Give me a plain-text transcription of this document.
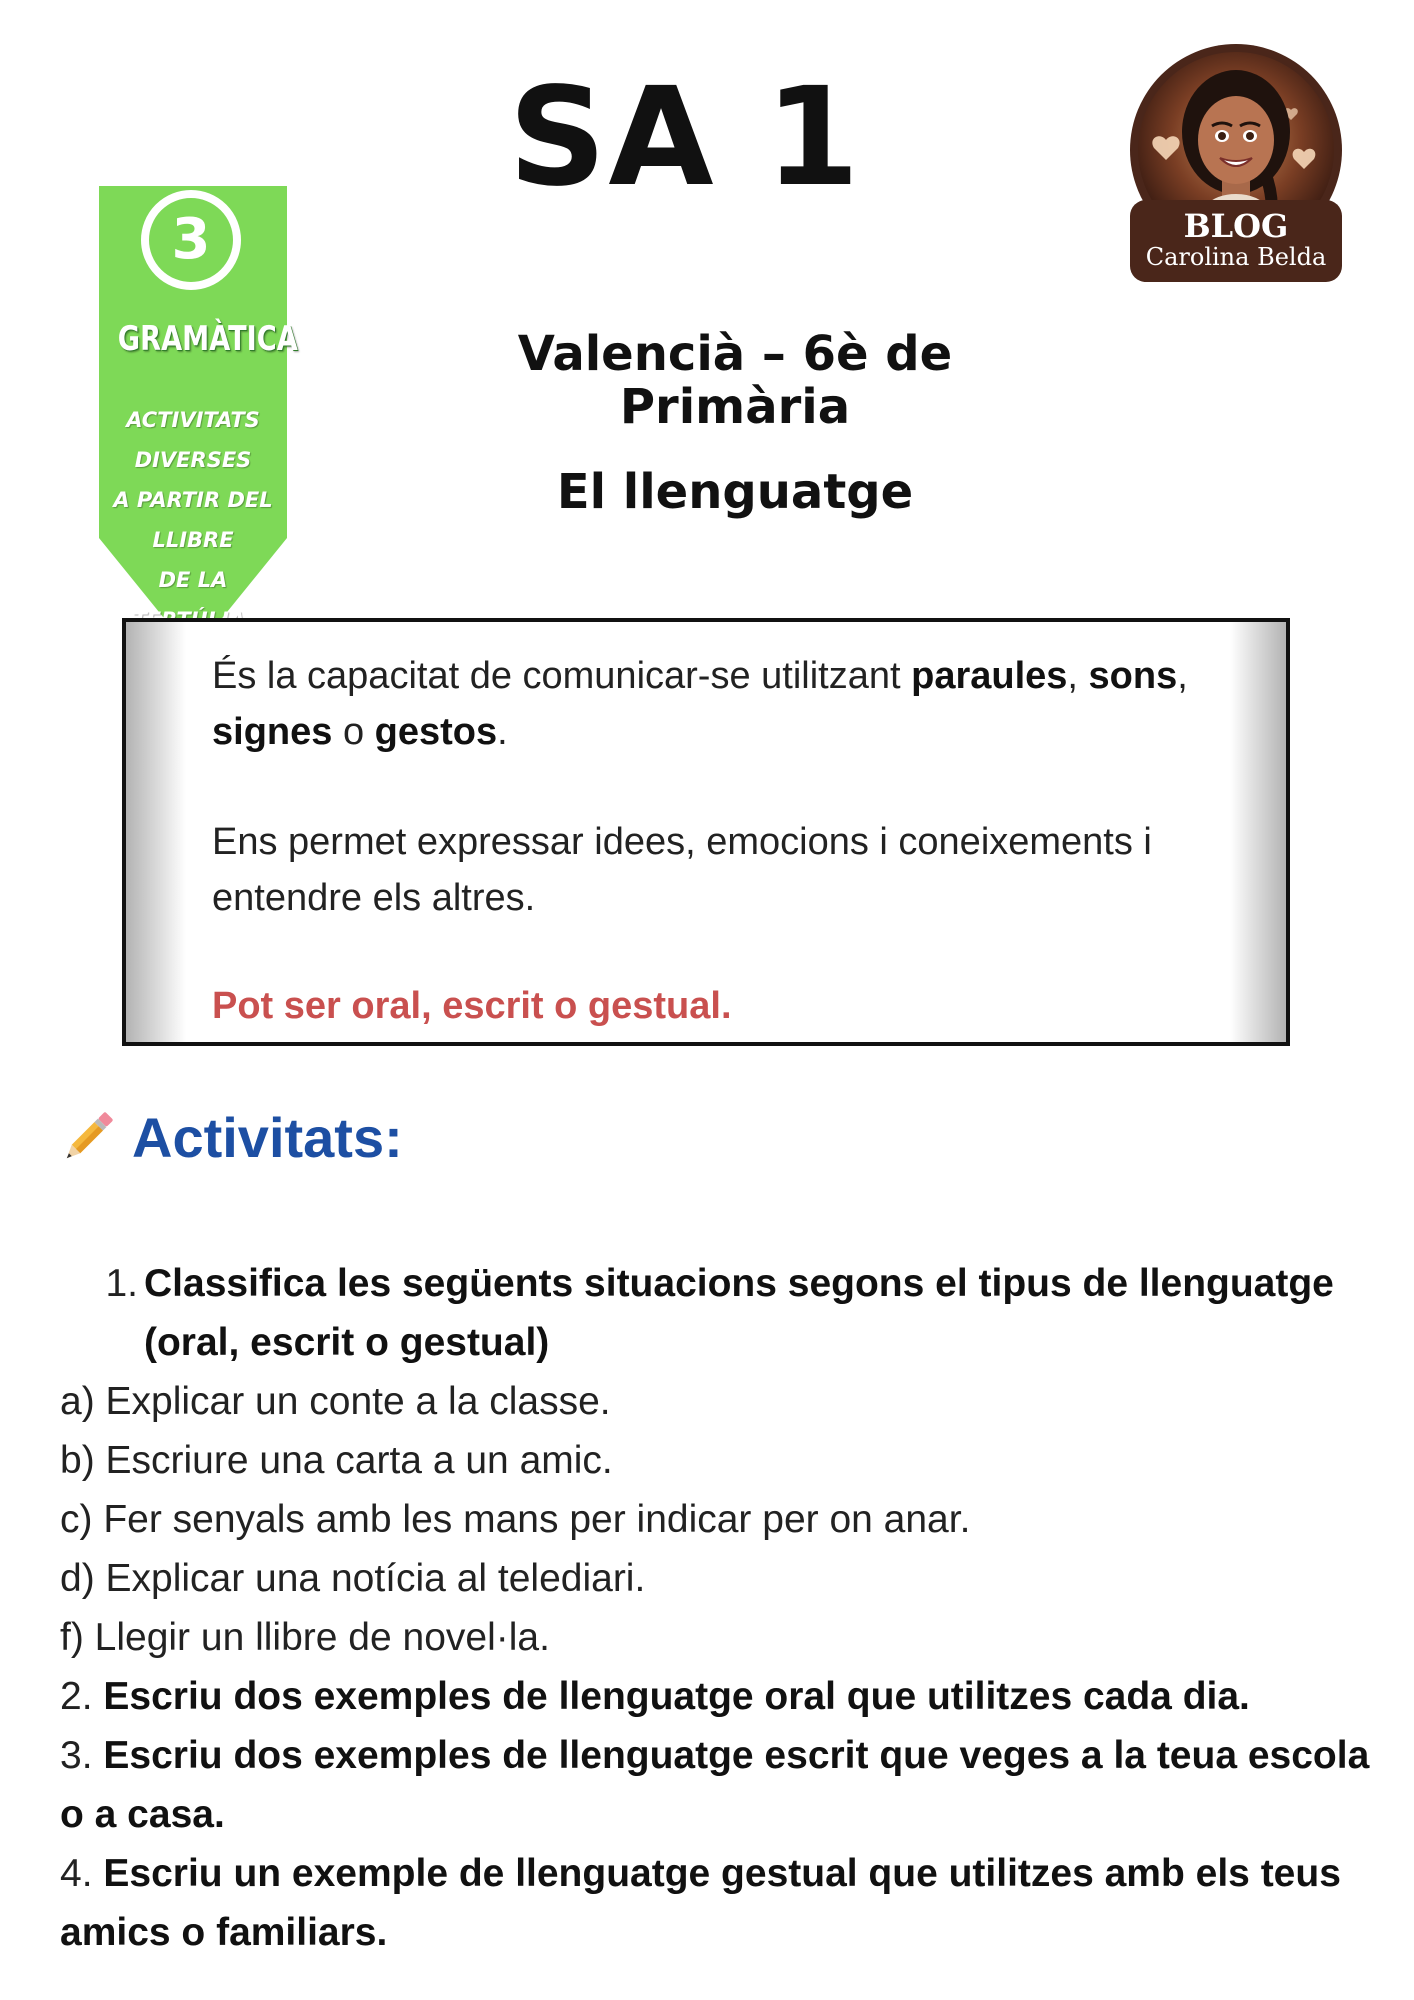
SA 1
Valencià – 6è de Primària
El llenguatge
3
GRAMÀTICA
ACTIVITATS DIVERSES
A PARTIR DEL LLIBRE
DE LA
BLOG
Carolina Belda

És la capacitat de comunicar-se utilitzant paraules, sons, signes o gestos.

Ens permet expressar idees, emocions i coneixements i entendre els altres.

Pot ser oral, escrit o gestual.

Activitats:
1. Classifica les següents situacions segons el tipus de llenguatge (oral, escrit o gestual)
a) Explicar un conte a la classe.
b) Escriure una carta a un amic.
c) Fer senyals amb les mans per indicar per on anar.
d) Explicar una notícia al telediari.
f) Llegir un llibre de novel·la.
2. Escriu dos exemples de llenguatge oral que utilitzes cada dia.
3. Escriu dos exemples de llenguatge escrit que veges a la teua escola o a casa.
4. Escriu un exemple de llenguatge gestual que utilitzes amb els teus amics o familiars.
